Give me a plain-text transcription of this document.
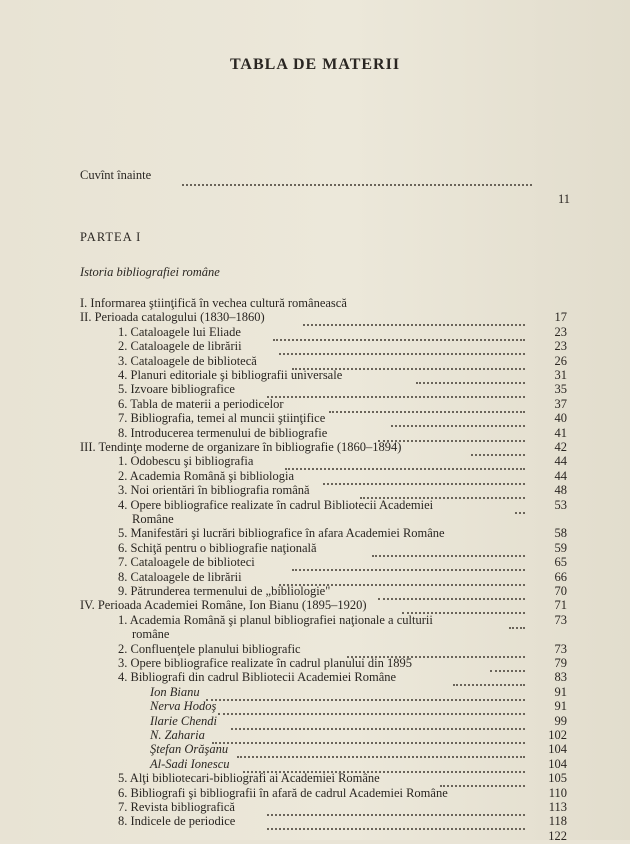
TABLA DE MATERII
Cuvînt înainte
11
PARTEA I
Istoria bibliografiei române
I. Informarea ştiinţifică în vechea cultură românească
II. Perioada catalogului (1830–1860)	17
1. Cataloagele lui Eliade	23
2. Cataloagele de librării	23
3. Cataloagele de bibliotecă	26
4. Planuri editoriale şi bibliografii universale	31
5. Izvoare bibliografice	35
6. Tabla de materii a periodicelor	37
7. Bibliografia, temei al muncii ştiinţifice	40
8. Introducerea termenului de bibliografie	41
III. Tendinţe moderne de organizare în bibliografie (1860–1894)	42
1. Odobescu şi bibliografia	44
2. Academia Română şi bibliologia	44
3. Noi orientări în bibliografia română	48
4. Opere bibliografice realizate în cadrul Bibliotecii Academiei	53
Române
5. Manifestări şi lucrări bibliografice în afara Academiei Române	58
6. Schiţă pentru o bibliografie naţională	59
7. Cataloagele de biblioteci	65
8. Cataloagele de librării	66
9. Pătrunderea termenului de „bibliologie"	70
IV. Perioada Academiei Române, Ion Bianu (1895–1920)	71
1. Academia Română şi planul bibliografiei naţionale a culturii	73
române
2. Confluenţele planului bibliografic	73
3. Opere bibliografice realizate în cadrul planului din 1895	79
4. Bibliografi din cadrul Bibliotecii Academiei Române	83
Ion Bianu	91
Nerva Hodoş	91
Ilarie Chendi	99
N. Zaharia	102
Ştefan Orăşanu	104
Al-Sadi Ionescu	104
5. Alţi bibliotecari-bibliografi ai Academiei Române	105
6. Bibliografi şi bibliografii în afară de cadrul Academiei Române	110
7. Revista bibliografică	113
8. Indicele de periodice	118
122
